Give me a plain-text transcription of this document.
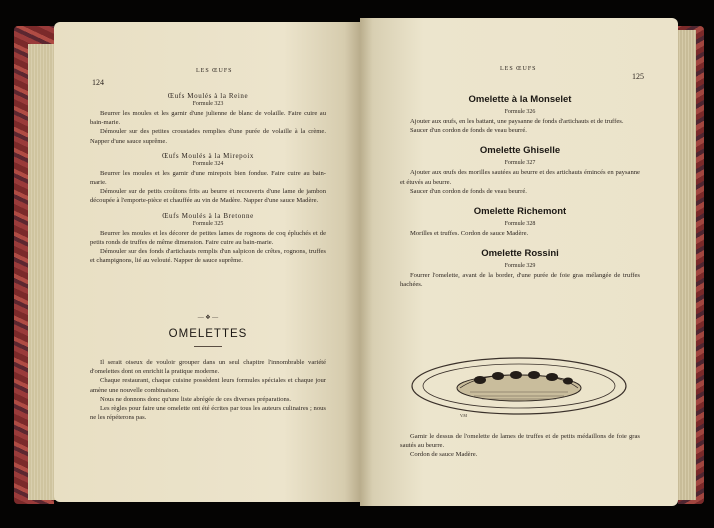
124
LES ŒUFS
Œufs Moulés à la Reine
Formule 323

Beurrer les moules et les garnir d'une julienne de blanc de volaille. Faire cuire au bain-marie.

Démouler sur des petites croustades remplies d'une purée de volaille à la crème. Napper d'une sauce suprême.

Œufs Moulés à la Mirepoix
Formule 324

Beurrer les moules et les garnir d'une mirepoix bien fondue. Faire cuire au bain-marie.

Démouler sur de petits croûtons frits au beurre et recouverts d'une lame de jambon découpée à l'emporte-pièce et chauffée au vin de Madère. Napper d'une sauce Madère.

Œufs Moulés à la Bretonne
Formule 325

Beurrer les moules et les décorer de petites lames de rognons de coq épluchés et de petits ronds de truffes de même dimension. Faire cuire au bain-marie.

Démouler sur des fonds d'artichauts remplis d'un salpicon de crêtes, rognons, truffes et champignons, lié au velouté. Napper de sauce suprême.

— ❖ —
OMELETTES

Il serait oiseux de vouloir grouper dans un seul chapitre l'innombrable variété d'omelettes dont on enrichit la pratique moderne.

Chaque restaurant, chaque cuisine possèdent leurs formules spéciales et chaque jour amène une nouvelle combinaison.

Nous ne donnons donc qu'une liste abrégée de ces diverses préparations.

Les règles pour faire une omelette ont été écrites par tous les auteurs culinaires ; nous ne les répéterons pas.

LES ŒUFS
125
Omelette à la Monselet
Formule 326

Ajouter aux œufs, en les battant, une paysanne de fonds d'artichauts et de truffes.

Saucer d'un cordon de fonds de veau beurré.

Omelette Ghiselle
Formule 327

Ajouter aux œufs des morilles sautées au beurre et des artichauts émincés en paysanne et étuvés au beurre.

Saucer d'un cordon de fonds de veau beurré.

Omelette Richemont
Formule 328

Morilles et truffes. Cordon de sauce Madère.

Omelette Rossini
Formule 329

Fourrer l'omelette, avant de la border, d'une purée de foie gras mélangée de truffes hachées.

V.M

Garnir le dessus de l'omelette de lames de truffes et de petits médaillons de foie gras sautés au beurre.

Cordon de sauce Madère.
